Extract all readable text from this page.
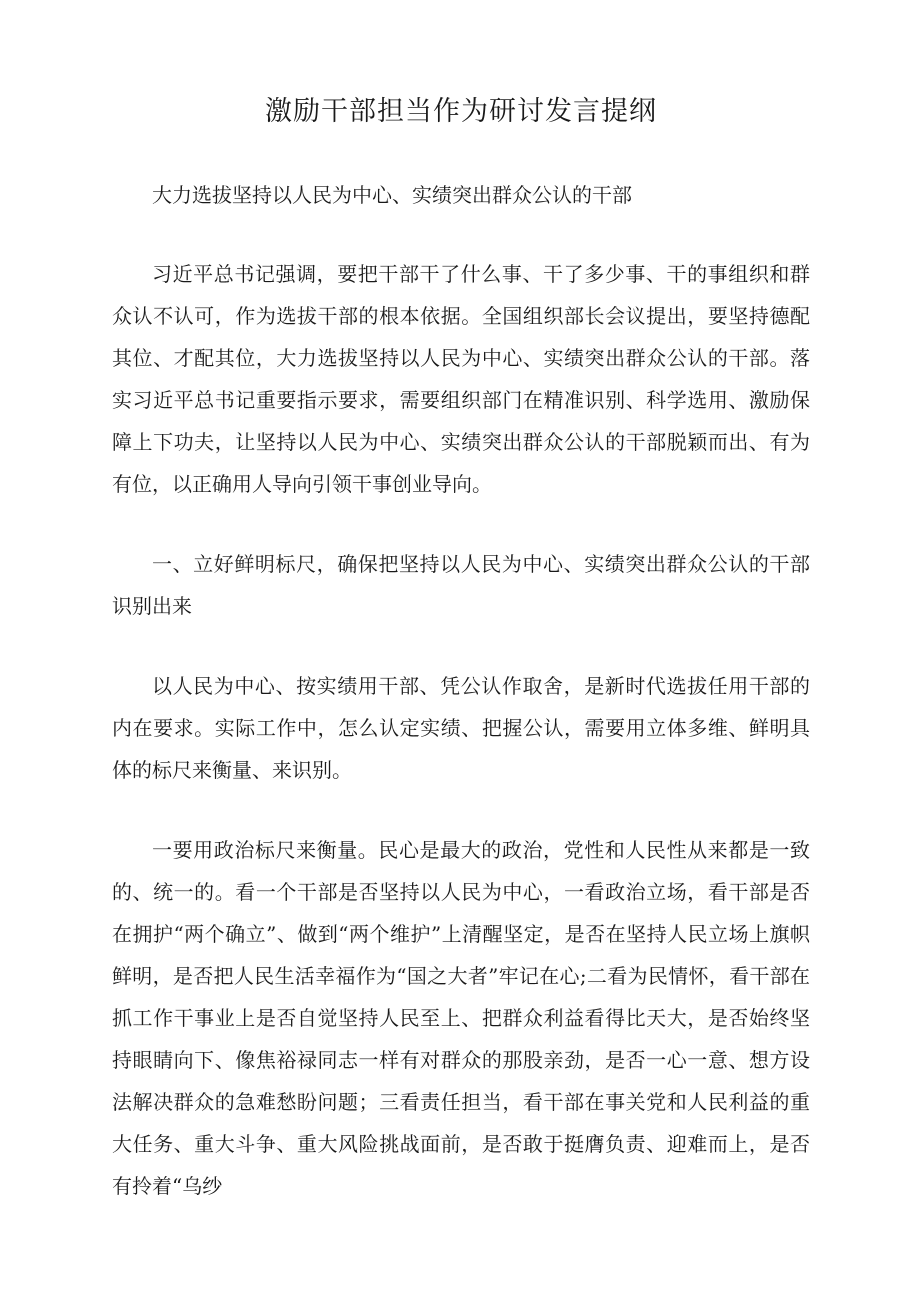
激励干部担当作为研讨发言提纲

大力选拔坚持以人民为中心、实绩突出群众公认的干部

习近平总书记强调，要把干部干了什么事、干了多少事、干的事组织和群众认不认可，作为选拔干部的根本依据。全国组织部长会议提出，要坚持德配其位、才配其位，大力选拔坚持以人民为中心、实绩突出群众公认的干部。落实习近平总书记重要指示要求，需要组织部门在精准识别、科学选用、激励保障上下功夫，让坚持以人民为中心、实绩突出群众公认的干部脱颖而出、有为有位，以正确用人导向引领干事创业导向。

一、立好鲜明标尺，确保把坚持以人民为中心、实绩突出群众公认的干部识别出来

以人民为中心、按实绩用干部、凭公认作取舍，是新时代选拔任用干部的内在要求。实际工作中，怎么认定实绩、把握公认，需要用立体多维、鲜明具体的标尺来衡量、来识别。

一要用政治标尺来衡量。民心是最大的政治，党性和人民性从来都是一致的、统一的。看一个干部是否坚持以人民为中心，一看政治立场，看干部是否在拥护“两个确立”、做到“两个维护”上清醒坚定，是否在坚持人民立场上旗帜鲜明，是否把人民生活幸福作为“国之大者”牢记在心;二看为民情怀，看干部在抓工作干事业上是否自觉坚持人民至上、把群众利益看得比天大，是否始终坚持眼睛向下、像焦裕禄同志一样有对群众的那股亲劲，是否一心一意、想方设法解决群众的急难愁盼问题；三看责任担当，看干部在事关党和人民利益的重大任务、重大斗争、重大风险挑战面前，是否敢于挺膺负责、迎难而上，是否有拎着“乌纱
